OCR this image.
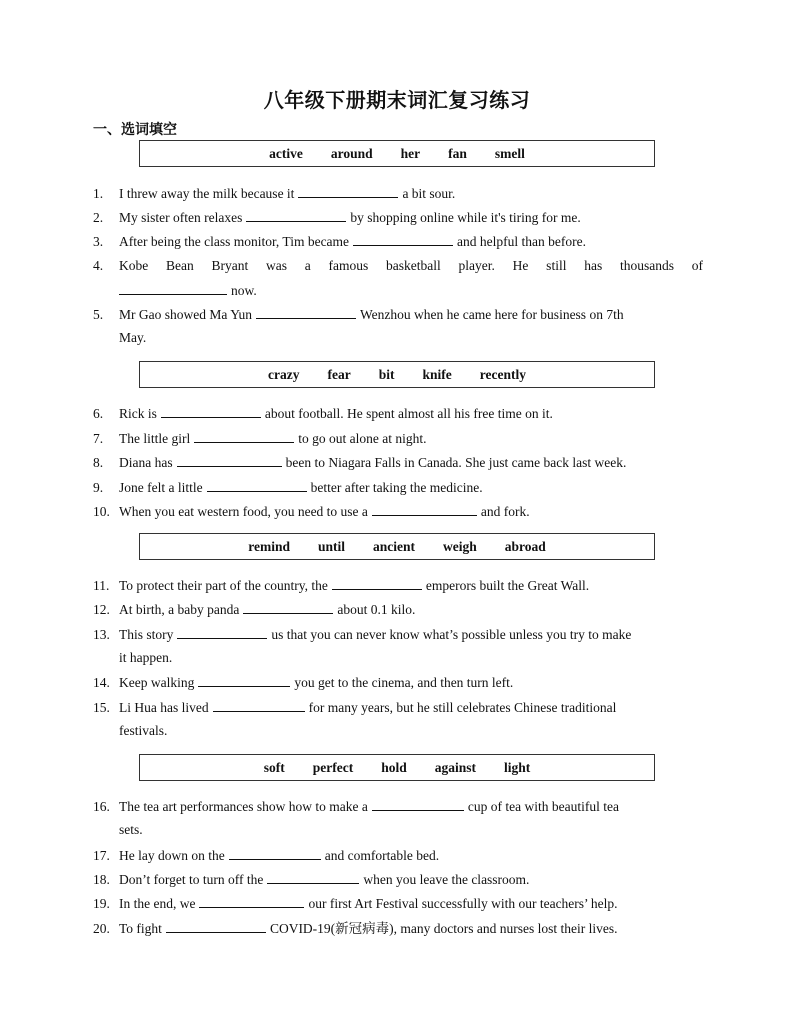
八年级下册期末词汇复习练习
一、选词填空
active around her fan smell
1. I threw away the milk because it	a bit sour.
2. My sister often relaxes	by shopping online while it's tiring for me.
3. After being the class monitor, Tim became	and helpful than before.
4. Kobe Bean Bryant was a famous basketball player. He still has thousands of
now.
5. Mr Gao showed Ma Yun	Wenzhou when he came here for business on 7th
May.
crazy fear bit knife recently
6. Rick is	about football. He spent almost all his free time on it.
7. The little girl	to go out alone at night.
8. Diana has	been to Niagara Falls in Canada. She just came back last week.
9. Jone felt a little	better after taking the medicine.
10. When you eat western food, you need to use a	and fork.
remind until ancient weigh abroad
11. To protect their part of the country, the	emperors built the Great Wall.
12. At birth, a baby panda	about 0.1 kilo.
13. This story	us that you can never know what’s possible unless you try to make
it happen.
14. Keep walking	you get to the cinema, and then turn left.
15. Li Hua has lived	for many years, but he still celebrates Chinese traditional
festivals.
soft perfect hold against light
16. The tea art performances show how to make a	cup of tea with beautiful tea
sets.
17. He lay down on the	and comfortable bed.
18. Don’t forget to turn off the	when you leave the classroom.
19. In the end, we	our first Art Festival successfully with our teachers’ help.
20. To fight	COVID-19(新冠病毒), many doctors and nurses lost their lives.
